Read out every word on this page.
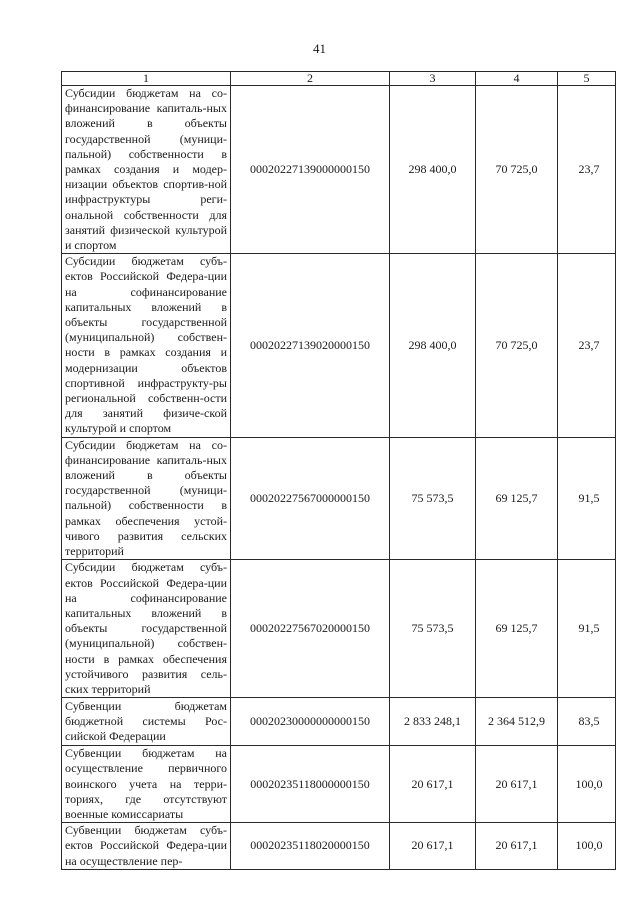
41
1	2	3	4	5
Субсидии бюджетам на со-финансирование капиталь-ных вложений в объекты государственной (муници-пальной) собственности в рамках создания и модер-низации объектов спортив-ной инфраструктуры реги-ональной собственности для занятий физической культурой и спортом	00020227139000000150	298 400,0	70 725,0	23,7
Субсидии бюджетам субъ-ектов Российской Федера-ции на софинансирование капитальных вложений в объекты государственной (муниципальной) собствен-ности в рамках создания и модернизации объектов спортивной инфраструкту-ры региональной собственн-ости для занятий физиче-ской культурой и спортом	00020227139020000150	298 400,0	70 725,0	23,7
Субсидии бюджетам на со-финансирование капиталь-ных вложений в объекты государственной (муници-пальной) собственности в рамках обеспечения устой-чивого развития сельских территорий	00020227567000000150	75 573,5	69 125,7	91,5
Субсидии бюджетам субъ-ектов Российской Федера-ции на софинансирование капитальных вложений в объекты государственной (муниципальной) собствен-ности в рамках обеспечения устойчивого развития сель-ских территорий	00020227567020000150	75 573,5	69 125,7	91,5
Субвенции бюджетам бюджетной системы Рос-сийской Федерации	00020230000000000150	2 833 248,1	2 364 512,9	83,5
Субвенции бюджетам на осуществление первичного воинского учета на терри-ториях, где отсутствуют военные комиссариаты	00020235118000000150	20 617,1	20 617,1	100,0
Субвенции бюджетам субъ-ектов Российской Федера-ции на осуществление пер-	00020235118020000150	20 617,1	20 617,1	100,0
